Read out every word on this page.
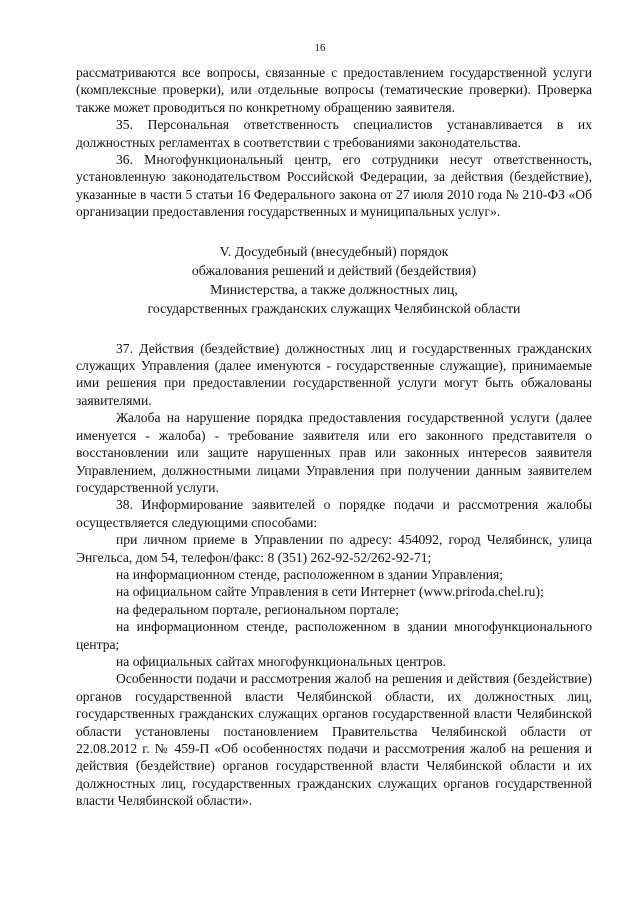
16

рассматриваются все вопросы, связанные с предоставлением государственной услуги (комплексные проверки), или отдельные вопросы (тематические проверки). Проверка также может проводиться по конкретному обращению заявителя.

35. Персональная ответственность специалистов устанавливается в их должностных регламентах в соответствии с требованиями законодательства.

36. Многофункциональный центр, его сотрудники несут ответственность, установленную законодательством Российской Федерации, за действия (бездействие), указанные в части 5 статьи 16 Федерального закона от 27 июля 2010 года № 210-ФЗ «Об организации предоставления государственных и муниципальных услуг».

V. Досудебный (внесудебный) порядок
обжалования решений и действий (бездействия)
Министерства, а также должностных лиц,
государственных гражданских служащих Челябинской области

37. Действия (бездействие) должностных лиц и государственных гражданских служащих Управления (далее именуются - государственные служащие), принимаемые ими решения при предоставлении государственной услуги могут быть обжалованы заявителями.

Жалоба на нарушение порядка предоставления государственной услуги (далее именуется - жалоба) - требование заявителя или его законного представителя о восстановлении или защите нарушенных прав или законных интересов заявителя Управлением, должностными лицами Управления при получении данным заявителем государственной услуги.

38. Информирование заявителей о порядке подачи и рассмотрения жалобы осуществляется следующими способами:

при личном приеме в Управлении по адресу: 454092, город Челябинск, улица Энгельса, дом 54, телефон/факс: 8 (351) 262-92-52/262-92-71;

на информационном стенде, расположенном в здании Управления;

на официальном сайте Управления в сети Интернет (www.priroda.chel.ru);

на федеральном портале, региональном портале;

на информационном стенде, расположенном в здании многофункционального центра;

на официальных сайтах многофункциональных центров.

Особенности подачи и рассмотрения жалоб на решения и действия (бездействие) органов государственной власти Челябинской области, их должностных лиц, государственных гражданских служащих органов государственной власти Челябинской области установлены постановлением Правительства Челябинской области от 22.08.2012 г. № 459-П «Об особенностях подачи и рассмотрения жалоб на решения и действия (бездействие) органов государственной власти Челябинской области и их должностных лиц, государственных гражданских служащих органов государственной власти Челябинской области».
